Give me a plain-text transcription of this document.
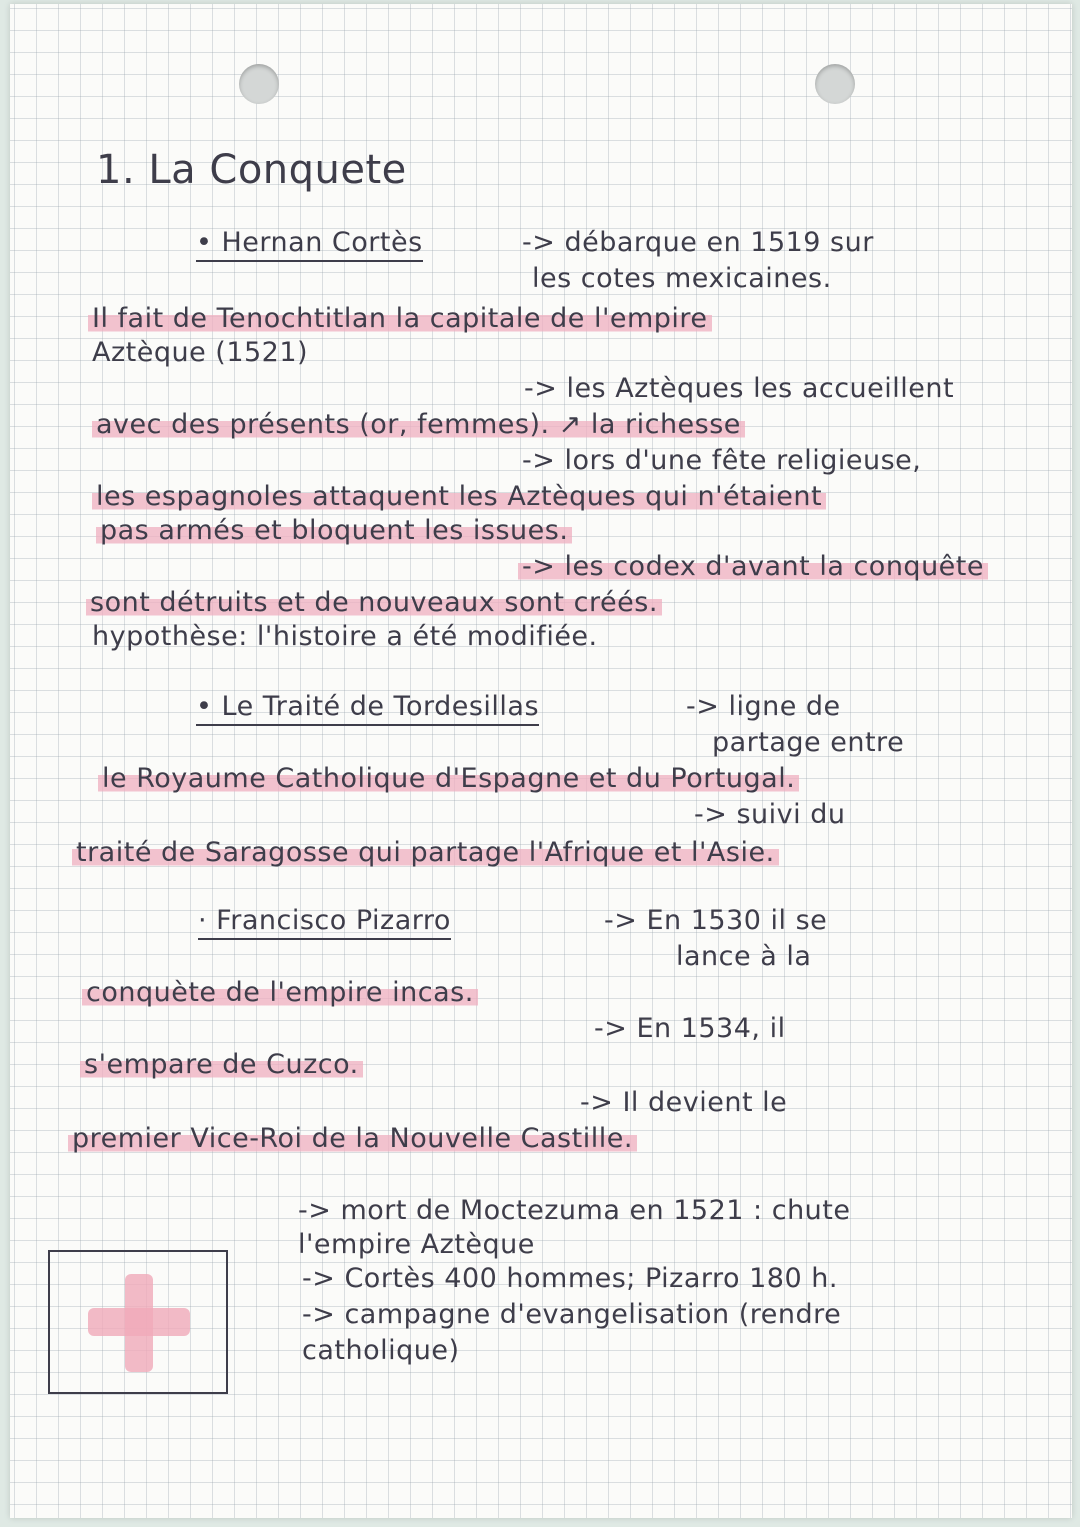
1. La Conquete
• Hernan Cortès	-> débarque en 1519 sur
les cotes mexicaines.
Il fait de Tenochtitlan la capitale de l'empire
Aztèque (1521)
-> les Aztèques les accueillent
avec des présents (or, femmes). ↗ la richesse
-> lors d'une fête religieuse,
les espagnoles attaquent les Aztèques qui n'étaient
pas armés et bloquent les issues.
-> les codex d'avant la conquête
sont détruits et de nouveaux sont créés.
hypothèse: l'histoire a été modifiée.
• Le Traité de Tordesillas	-> ligne de
partage entre
le Royaume Catholique d'Espagne et du Portugal.
-> suivi du
traité de Saragosse qui partage l'Afrique et l'Asie.
· Francisco Pizarro	-> En 1530 il se
lance à la
conquète de l'empire incas.
-> En 1534, il
s'empare de Cuzco.
-> Il devient le
premier Vice-Roi de la Nouvelle Castille.
-> mort de Moctezuma en 1521 : chute
l'empire Aztèque
-> Cortès 400 hommes; Pizarro 180 h.
-> campagne d'evangelisation (rendre
catholique)
